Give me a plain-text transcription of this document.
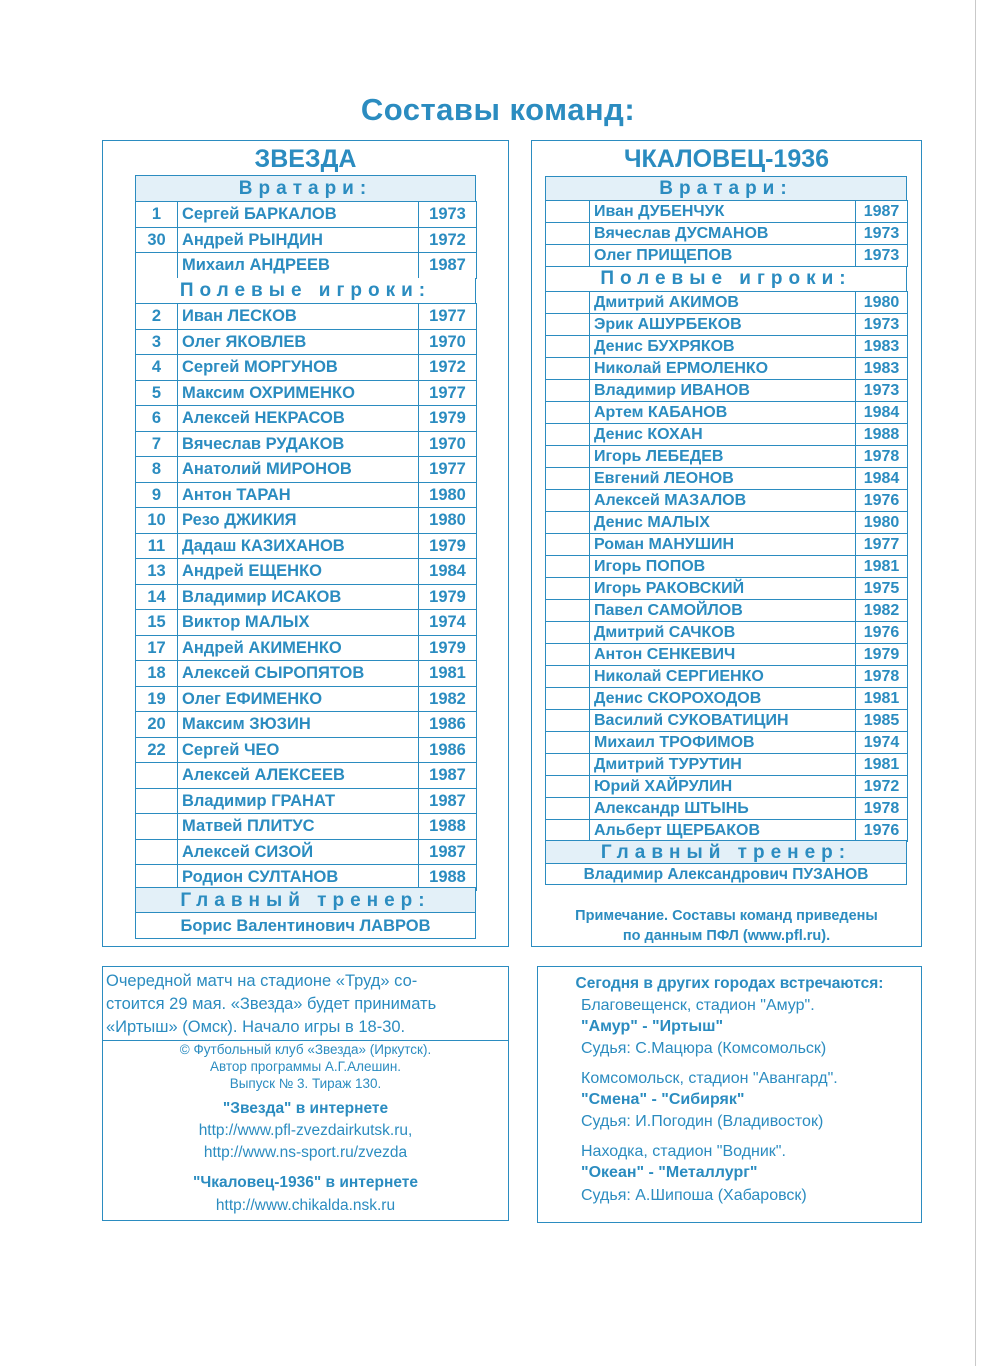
Составы команд:
ЗВЕЗДА
Вратари:
1	Сергей БАРКАЛОВ	1973
30	Андрей РЫНДИН	1972
	Михаил АНДРЕЕВ	1987
Полевые игроки:
2	Иван ЛЕСКОВ	1977
3	Олег ЯКОВЛЕВ	1970
4	Сергей МОРГУНОВ	1972
5	Максим ОХРИМЕНКО	1977
6	Алексей НЕКРАСОВ	1979
7	Вячеслав РУДАКОВ	1970
8	Анатолий МИРОНОВ	1977
9	Антон ТАРАН	1980
10	Резо ДЖИКИЯ	1980
11	Дадаш КАЗИХАНОВ	1979
13	Андрей ЕЩЕНКО	1984
14	Владимир ИСАКОВ	1979
15	Виктор МАЛЫХ	1974
17	Андрей АКИМЕНКО	1979
18	Алексей СЫРОПЯТОВ	1981
19	Олег ЕФИМЕНКО	1982
20	Максим ЗЮЗИН	1986
22	Сергей ЧЕО	1986
	Алексей АЛЕКСЕЕВ	1987
	Владимир ГРАНАТ	1987
	Матвей ПЛИТУС	1988
	Алексей СИЗОЙ	1987
	Родион СУЛТАНОВ	1988
Главный тренер:
Борис Валентинович ЛАВРОВ
ЧКАЛОВЕЦ-1936
Вратари:
	Иван ДУБЕНЧУК	1987
	Вячеслав ДУСМАНОВ	1973
	Олег ПРИЩЕПОВ	1973
Полевые игроки:
	Дмитрий АКИМОВ	1980
	Эрик АШУРБЕКОВ	1973
	Денис БУХРЯКОВ	1983
	Николай ЕРМОЛЕНКО	1983
	Владимир ИВАНОВ	1973
	Артем КАБАНОВ	1984
	Денис КОХАН	1988
	Игорь ЛЕБЕДЕВ	1978
	Евгений ЛЕОНОВ	1984
	Алексей МАЗАЛОВ	1976
	Денис МАЛЫХ	1980
	Роман МАНУШИН	1977
	Игорь ПОПОВ	1981
	Игорь РАКОВСКИЙ	1975
	Павел САМОЙЛОВ	1982
	Дмитрий САЧКОВ	1976
	Антон СЕНКЕВИЧ	1979
	Николай СЕРГИЕНКО	1978
	Денис СКОРОХОДОВ	1981
	Василий СУКОВАТИЦИН	1985
	Михаил ТРОФИМОВ	1974
	Дмитрий ТУРУТИН	1981
	Юрий ХАЙРУЛИН	1972
	Александр ШТЫНЬ	1978
	Альберт ЩЕРБАКОВ	1976
Главный тренер:
Владимир Александрович ПУЗАНОВ
Примечание. Составы команд приведены
по данным ПФЛ (www.pfl.ru).
Очередной матч на стадионе «Труд» со-
стоится 29 мая. «Звезда» будет принимать
«Иртыш» (Омск). Начало игры в 18-30.
© Футбольный клуб «Звезда» (Иркутск).
Автор программы А.Г.Алешин.
Выпуск № 3. Тираж 130.
"Звезда" в интернете
http://www.pfl-zvezdairkutsk.ru,
http://www.ns-sport.ru/zvezda
"Чкаловец-1936" в интернете
http://www.chikalda.nsk.ru
Сегодня в других городах встречаются:
Благовещенск, стадион "Амур".
"Амур" - "Иртыш"
Судья: С.Мацюра (Комсомольск)
Комсомольск, стадион "Авангард".
"Смена" - "Сибиряк"
Судья: И.Погодин (Владивосток)
Находка, стадион "Водник".
"Океан" - "Металлург"
Судья: А.Шипоша (Хабаровск)
